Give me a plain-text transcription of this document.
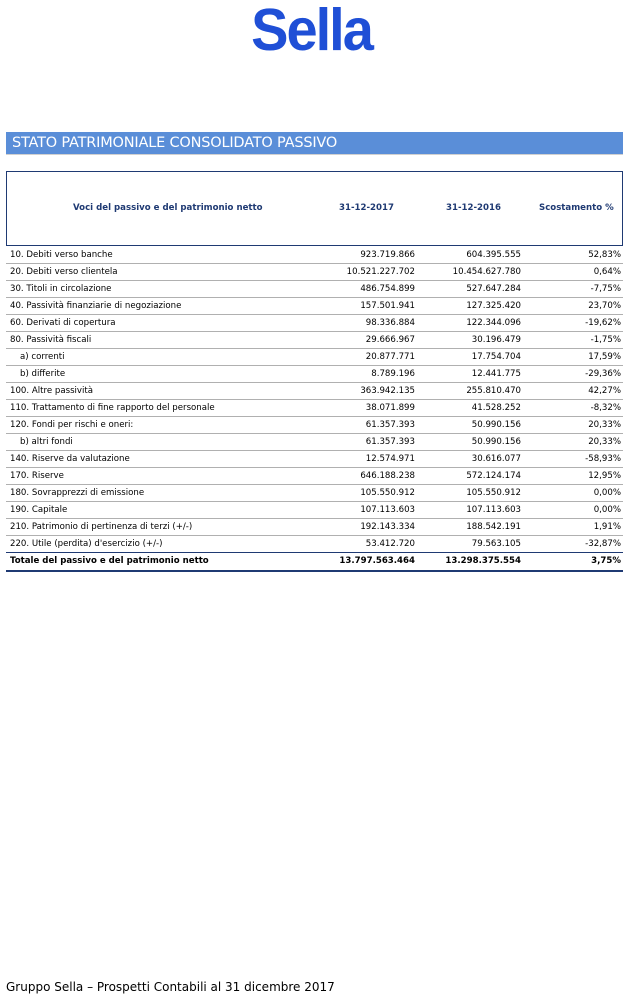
Sella
STATO PATRIMONIALE CONSOLIDATO PASSIVO
Voci del passivo e del patrimonio netto	31-12-2017	31-12-2016	Scostamento %
10. Debiti verso banche	923.719.866	604.395.555	52,83%
20. Debiti verso clientela	10.521.227.702	10.454.627.780	0,64%
30. Titoli in circolazione	486.754.899	527.647.284	-7,75%
40. Passività finanziarie di negoziazione	157.501.941	127.325.420	23,70%
60. Derivati di copertura	98.336.884	122.344.096	-19,62%
80. Passività fiscali	29.666.967	30.196.479	-1,75%
a) correnti	20.877.771	17.754.704	17,59%
b) differite	8.789.196	12.441.775	-29,36%
100. Altre passività	363.942.135	255.810.470	42,27%
110. Trattamento di fine rapporto del personale	38.071.899	41.528.252	-8,32%
120. Fondi per rischi e oneri:	61.357.393	50.990.156	20,33%
b) altri fondi	61.357.393	50.990.156	20,33%
140. Riserve da valutazione	12.574.971	30.616.077	-58,93%
170. Riserve	646.188.238	572.124.174	12,95%
180. Sovrapprezzi di emissione	105.550.912	105.550.912	0,00%
190. Capitale	107.113.603	107.113.603	0,00%
210. Patrimonio di pertinenza di terzi (+/-)	192.143.334	188.542.191	1,91%
220. Utile (perdita) d'esercizio (+/-)	53.412.720	79.563.105	-32,87%
Totale del passivo e del patrimonio netto	13.797.563.464	13.298.375.554	3,75%
Gruppo Sella – Prospetti Contabili al 31 dicembre 2017
